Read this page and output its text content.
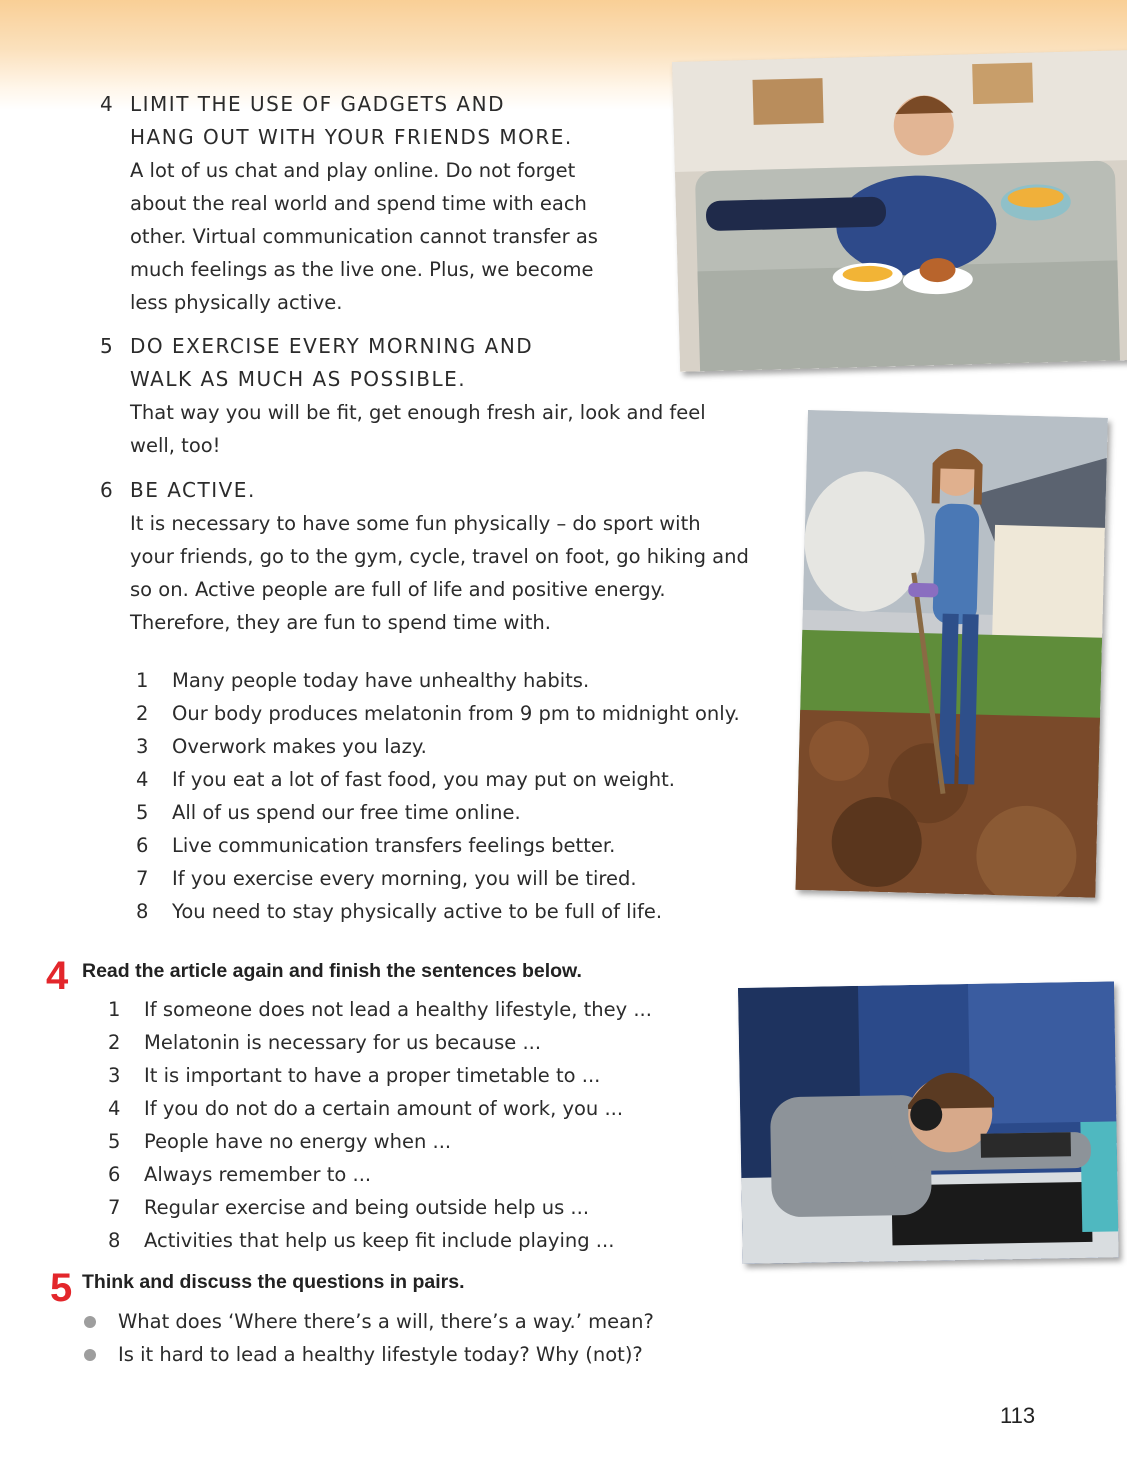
4 LIMIT THE USE OF GADGETS AND
HANG OUT WITH YOUR FRIENDS MORE.
A lot of us chat and play online. Do not forget
about the real world and spend time with each
other. Virtual communication cannot transfer as
much feelings as the live one. Plus, we become
less physically active.
5 DO EXERCISE EVERY MORNING AND
WALK AS MUCH AS POSSIBLE.
That way you will be fit, get enough fresh air, look and feel
well, too!
6 BE ACTIVE.
It is necessary to have some fun physically – do sport with
your friends, go to the gym, cycle, travel on foot, go hiking and
so on. Active people are full of life and positive energy.
Therefore, they are fun to spend time with.
1	Many people today have unhealthy habits.
2	Our body produces melatonin from 9 pm to midnight only.
3	Overwork makes you lazy.
4	If you eat a lot of fast food, you may put on weight.
5	All of us spend our free time online.
6	Live communication transfers feelings better.
7	If you exercise every morning, you will be tired.
8	You need to stay physically active to be full of life.
4 Read the article again and finish the sentences below.
1	If someone does not lead a healthy lifestyle, they ...
2	Melatonin is necessary for us because ...
3	It is important to have a proper timetable to ...
4	If you do not do a certain amount of work, you ...
5	People have no energy when ...
6	Always remember to ...
7	Regular exercise and being outside help us ...
8	Activities that help us keep fit include playing ...
5 Think and discuss the questions in pairs.
What does ‘Where there’s a will, there’s a way.’ mean?
Is it hard to lead a healthy lifestyle today? Why (not)?
113
